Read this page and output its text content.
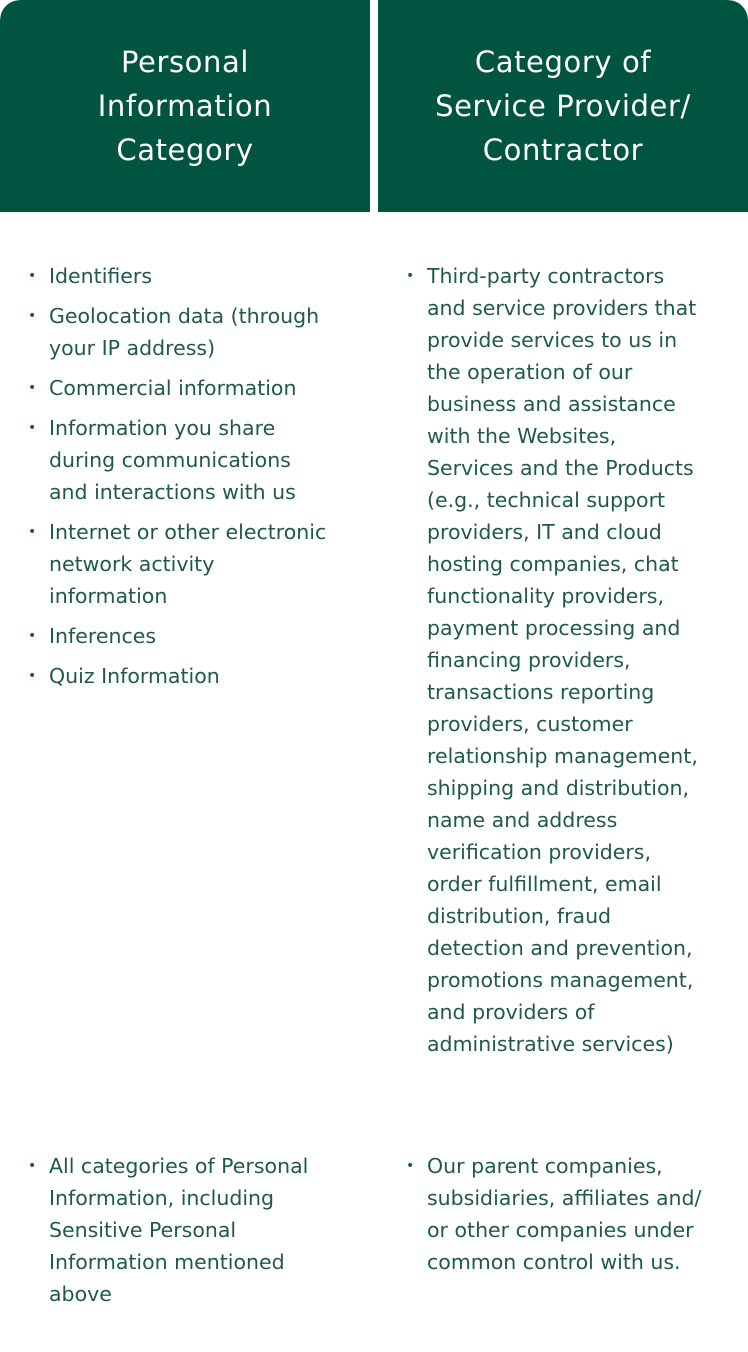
Personal
Information
Category
Category of
Service Provider/
Contractor
• Identifiers
• Geolocation data (through your IP address)
• Commercial information
• Information you share during communications and interactions with us
• Internet or other electronic network activity information
• Inferences
• Quiz Information
• Third-party contractors and service providers that provide services to us in the operation of our business and assistance with the Websites, Services and the Products (e.g., technical support providers, IT and cloud hosting companies, chat functionality providers, payment processing and financing providers, transactions reporting providers, customer relationship management, shipping and distribution, name and address verification providers, order fulfillment, email distribution, fraud detection and prevention, promotions management, and providers of administrative services)
• All categories of Personal Information, including Sensitive Personal Information mentioned above
• Our parent companies, subsidiaries, affiliates and/ or other companies under common control with us.
